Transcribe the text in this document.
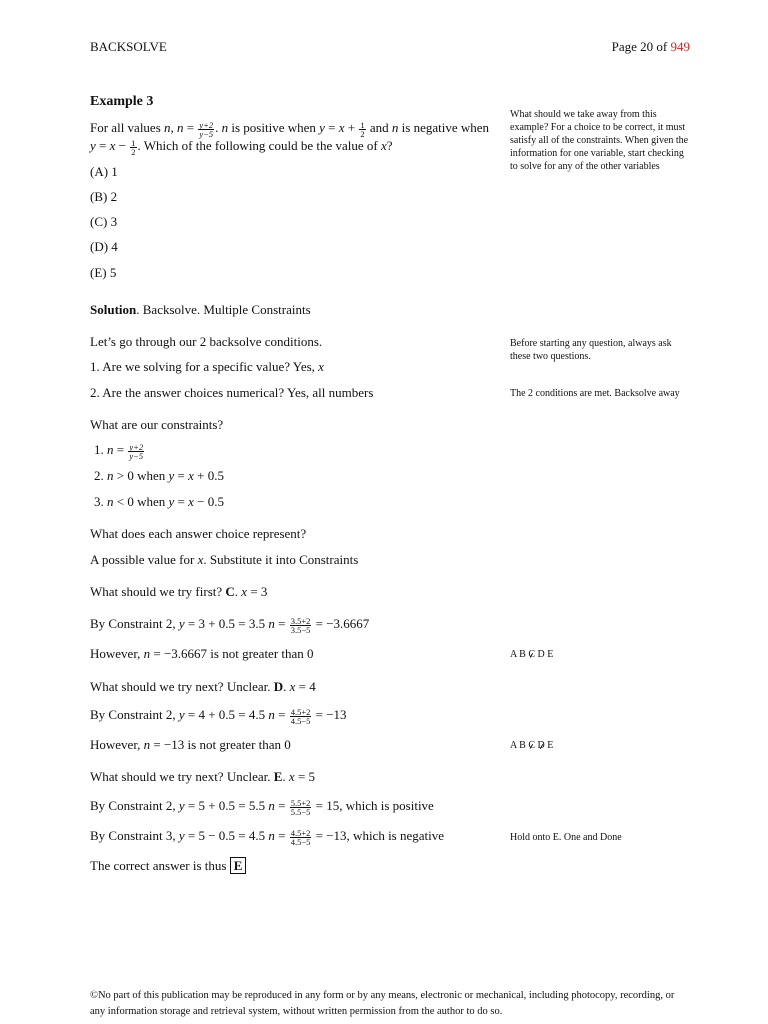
BACKSOLVE	Page 20 of 949
Example 3
For all values n, $n = \frac{y+2}{y-5}$ . n is positive when $y = x + \frac{1}{2}$ and n is negative when
$y = x - \frac{1}{2}$ . Which of the following could be the value of x?
(A) 1
(B) 2
(C) 3
(D) 4
(E) 5
Solution. Backsolve. Multiple Constraints
Let’s go through our 2 backsolve conditions.
1. Are we solving for a specific value? Yes, x
2. Are the answer choices numerical? Yes, all numbers
What are our constraints?
1. $n = \frac{y+2}{y-5}$
2. n > 0 when y = x + 0.5
3. n < 0 when y = x − 0.5
What does each answer choice represent?
A possible value for x. Substitute it into Constraints
What should we try first? C. x = 3
By Constraint 2, y = 3 + 0.5 = 3.5 $n = \frac{3.5+2}{3.5-5} = -3.6667$
However, n = −3.6667 is not greater than 0
What should we try next? Unclear. D. x = 4
By Constraint 2, y = 4 + 0.5 = 4.5 $n = \frac{4.5+2}{4.5-5} = -13$
However, n = −13 is not greater than 0
What should we try next? Unclear. E. x = 5
By Constraint 2, y = 5 + 0.5 = 5.5 $n = \frac{5.5+2}{5.5-5} = 15$, which is positive
By Constraint 3, y = 5 − 0.5 = 4.5 $n = \frac{4.5+2}{4.5-5} = -13$, which is negative
The correct answer is thus E
What should we take away from this
example? For a choice to be correct, it must
satisfy all of the constraints. When given the
information for one variable, start checking
to solve for any of the other variables
Before starting any question, always ask
these two questions.
The 2 conditions are met. Backsolve away
A B C D E
A B C D E
Hold onto E. One and Done
©No part of this publication may be reproduced in any form or by any means, electronic or mechanical, including photocopy, recording, or any information storage and retrieval system, without written permission from the author to do so.
